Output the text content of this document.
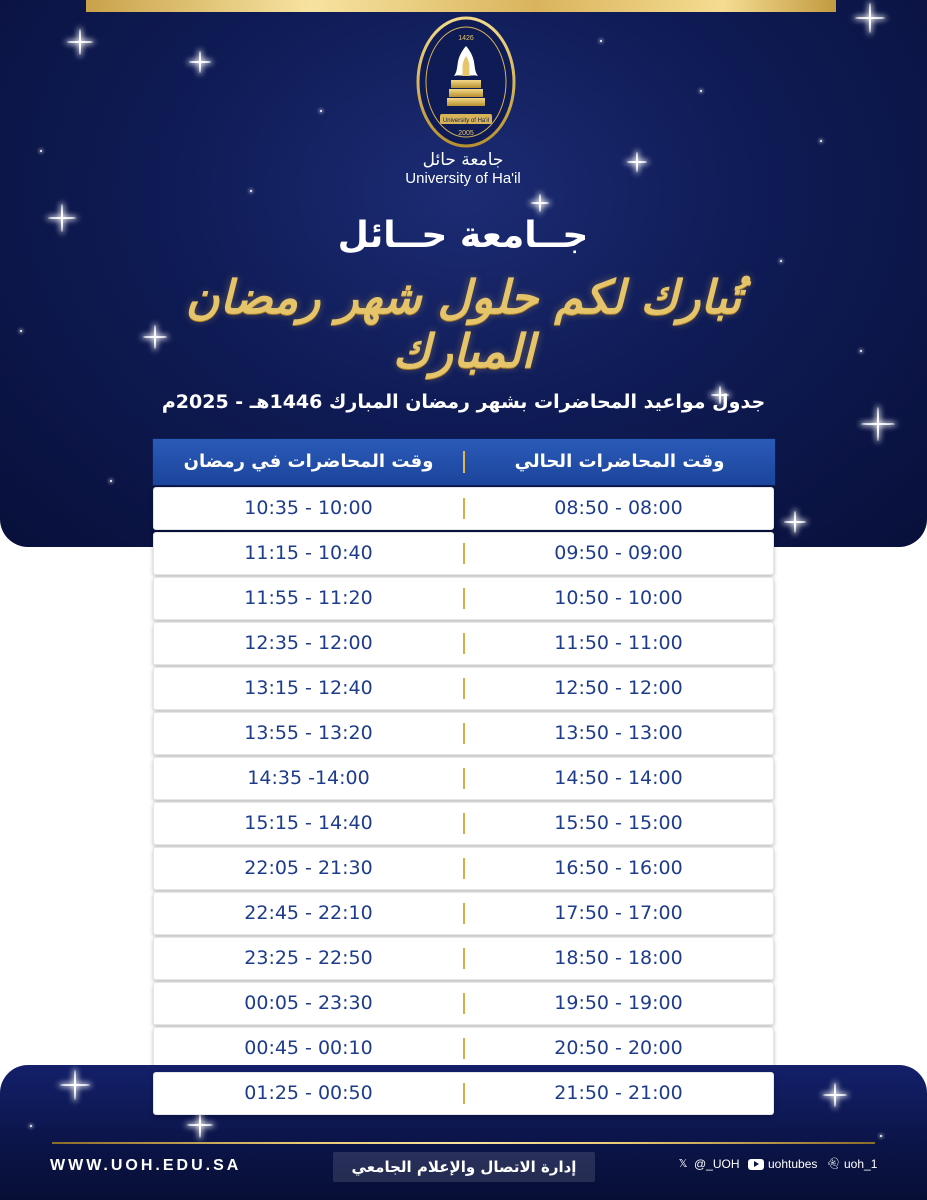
University of Ha'il
2005
1426
جامعة حائل
University of Ha'il
جــامعة حــائل
تُبارك لكم حلول شهر رمضان المبارك
جدول مواعيد المحاضرات بشهر رمضان المبارك 1446هـ - 2025م
وقت المحاضرات الحالي
وقت المحاضرات في رمضان
08:50 - 08:00
10:35 - 10:00
09:50 - 09:00
11:15 - 10:40
10:50 - 10:00
11:55 - 11:20
11:50 - 11:00
12:35 - 12:00
12:50 - 12:00
13:15 - 12:40
13:50 - 13:00
13:55 - 13:20
14:50 - 14:00
14:35 -14:00
15:50 - 15:00
15:15 - 14:40
16:50 - 16:00
22:05 - 21:30
17:50 - 17:00
22:45 - 22:10
18:50 - 18:00
23:25 - 22:50
19:50 - 19:00
00:05 - 23:30
20:50 - 20:00
00:45 - 00:10
21:50 - 21:00
01:25 - 00:50
WWW.UOH.EDU.SA	إدارة الاتصال والإعلام الجامعي	𝕏 @_UOH uohtubes 👻︎ uoh_1
